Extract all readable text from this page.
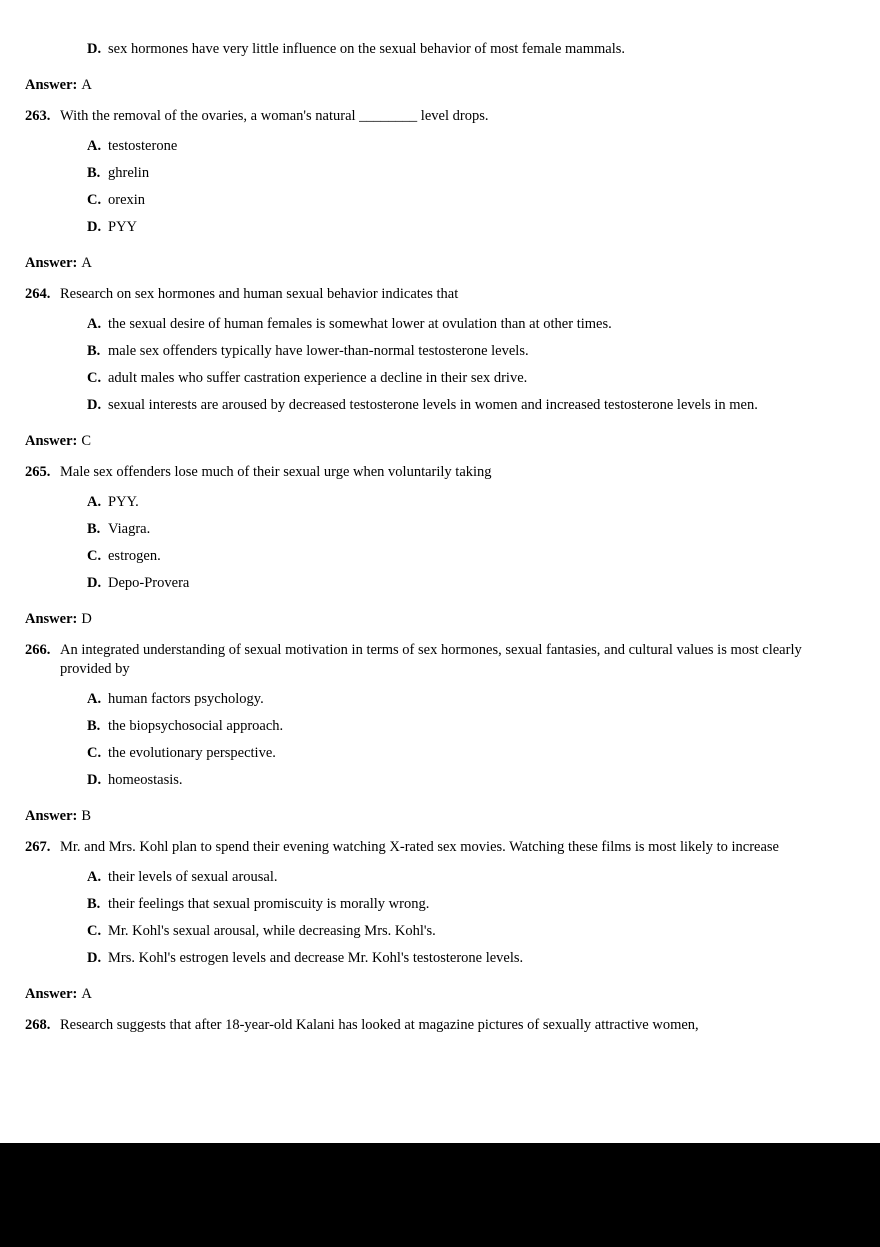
D. sex hormones have very little influence on the sexual behavior of most female mammals.
Answer: A
263. With the removal of the ovaries, a woman's natural ________ level drops.
A. testosterone
B. ghrelin
C. orexin
D. PYY
Answer: A
264. Research on sex hormones and human sexual behavior indicates that
A. the sexual desire of human females is somewhat lower at ovulation than at other times.
B. male sex offenders typically have lower-than-normal testosterone levels.
C. adult males who suffer castration experience a decline in their sex drive.
D. sexual interests are aroused by decreased testosterone levels in women and increased testosterone levels in men.
Answer: C
265. Male sex offenders lose much of their sexual urge when voluntarily taking
A. PYY.
B. Viagra.
C. estrogen.
D. Depo-Provera
Answer: D
266. An integrated understanding of sexual motivation in terms of sex hormones, sexual fantasies, and cultural values is most clearly provided by
A. human factors psychology.
B. the biopsychosocial approach.
C. the evolutionary perspective.
D. homeostasis.
Answer: B
267. Mr. and Mrs. Kohl plan to spend their evening watching X-rated sex movies. Watching these films is most likely to increase
A. their levels of sexual arousal.
B. their feelings that sexual promiscuity is morally wrong.
C. Mr. Kohl's sexual arousal, while decreasing Mrs. Kohl's.
D. Mrs. Kohl's estrogen levels and decrease Mr. Kohl's testosterone levels.
Answer: A
268. Research suggests that after 18-year-old Kalani has looked at magazine pictures of sexually attractive women,
